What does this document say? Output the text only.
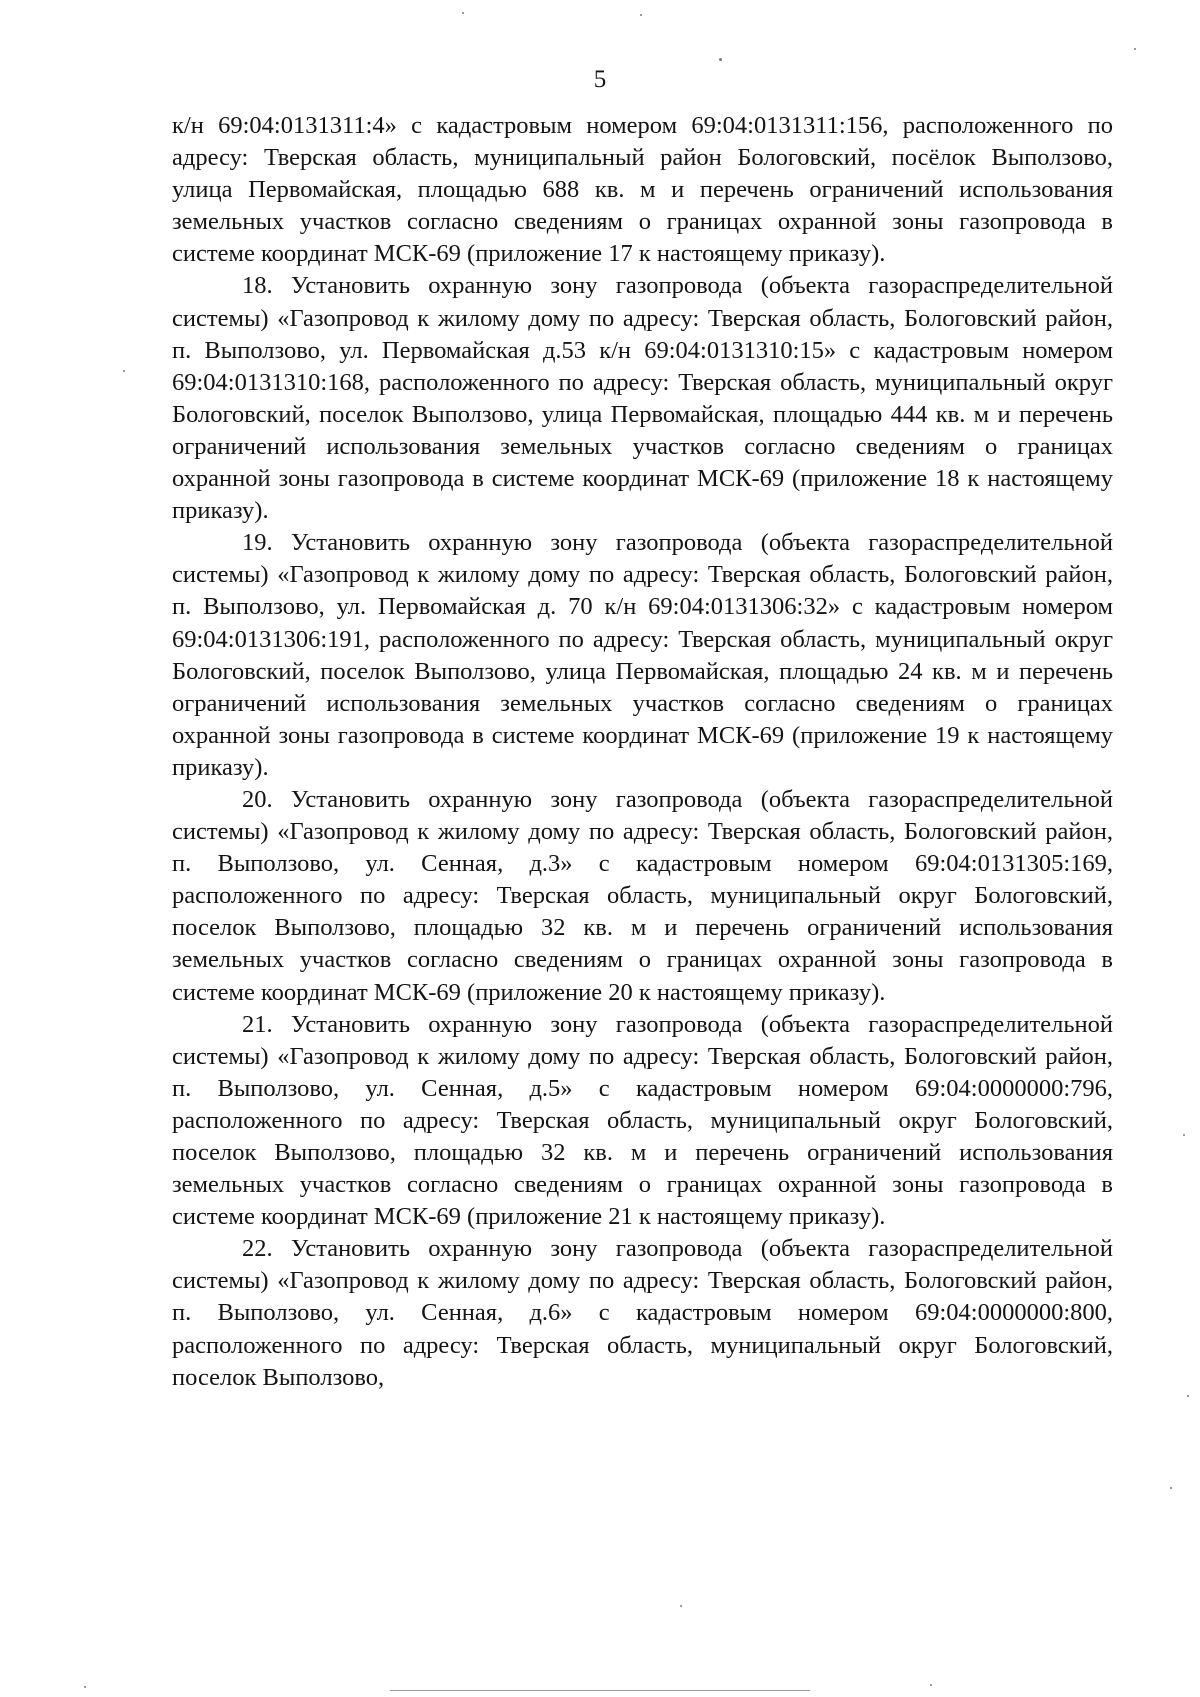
5

к/н 69:04:0131311:4» с кадастровым номером 69:04:0131311:156, расположенного по адресу: Тверская область, муниципальный район Бологовский, посёлок Выползово, улица Первомайская, площадью 688 кв. м и перечень ограничений использования земельных участков согласно сведениям о границах охранной зоны газопровода в системе координат МСК-69 (приложение 17 к настоящему приказу).

18. Установить охранную зону газопровода (объекта газораспределительной системы) «Газопровод к жилому дому по адресу: Тверская область, Бологовский район, п. Выползово, ул. Первомайская д.53 к/н 69:04:0131310:15» с кадастровым номером 69:04:0131310:168, расположенного по адресу: Тверская область, муниципальный округ Бологовский, поселок Выползово, улица Первомайская, площадью 444 кв. м и перечень ограничений использования земельных участков согласно сведениям о границах охранной зоны газопровода в системе координат МСК-69 (приложение 18 к настоящему приказу).

19. Установить охранную зону газопровода (объекта газораспределительной системы) «Газопровод к жилому дому по адресу: Тверская область, Бологовский район, п. Выползово, ул. Первомайская д. 70 к/н 69:04:0131306:32» с кадастровым номером 69:04:0131306:191, расположенного по адресу: Тверская область, муниципальный округ Бологовский, поселок Выползово, улица Первомайская, площадью 24 кв. м и перечень ограничений использования земельных участков согласно сведениям о границах охранной зоны газопровода в системе координат МСК-69 (приложение 19 к настоящему приказу).

20. Установить охранную зону газопровода (объекта газораспределительной системы) «Газопровод к жилому дому по адресу: Тверская область, Бологовский район, п. Выползово, ул. Сенная, д.3» с кадастровым номером 69:04:0131305:169, расположенного по адресу: Тверская область, муниципальный округ Бологовский, поселок Выползово, площадью 32 кв. м и перечень ограничений использования земельных участков согласно сведениям о границах охранной зоны газопровода в системе координат МСК-69 (приложение 20 к настоящему приказу).

21. Установить охранную зону газопровода (объекта газораспределительной системы) «Газопровод к жилому дому по адресу: Тверская область, Бологовский район, п. Выползово, ул. Сенная, д.5» с кадастровым номером 69:04:0000000:796, расположенного по адресу: Тверская область, муниципальный округ Бологовский, поселок Выползово, площадью 32 кв. м и перечень ограничений использования земельных участков согласно сведениям о границах охранной зоны газопровода в системе координат МСК-69 (приложение 21 к настоящему приказу).

22. Установить охранную зону газопровода (объекта газораспределительной системы) «Газопровод к жилому дому по адресу: Тверская область, Бологовский район, п. Выползово, ул. Сенная, д.6» с кадастровым номером 69:04:0000000:800, расположенного по адресу: Тверская область, муниципальный округ Бологовский, поселок Выползово,
